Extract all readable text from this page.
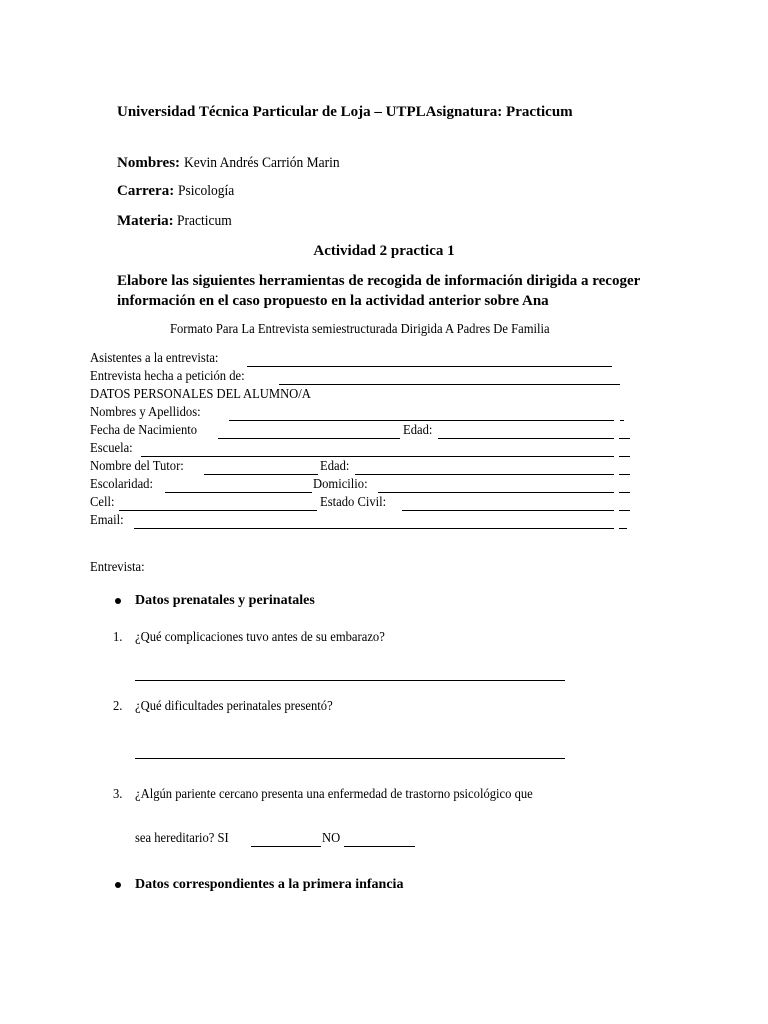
Universidad Técnica Particular de Loja – UTPLAsignatura: Practicum
Nombres: Kevin Andrés Carrión Marin
Carrera: Psicología
Materia: Practicum
Actividad 2 practica 1
Elabore las siguientes herramientas de recogida de información dirigida a recoger
información en el caso propuesto en la actividad anterior sobre Ana
Formato Para La Entrevista semiestructurada Dirigida A Padres De Familia
Asistentes a la entrevista:
Entrevista hecha a petición de:
DATOS PERSONALES DEL ALUMNO/A
Nombres y Apellidos:
Fecha de Nacimiento	Edad:
Escuela:
Nombre del Tutor:	Edad:
Escolaridad:	Domicilio:
Cell:	Estado Civil:
Email:
Entrevista:
Datos prenatales y perinatales
1. ¿Qué complicaciones tuvo antes de su embarazo?
2. ¿Qué dificultades perinatales presentó?
3. ¿Algún pariente cercano presenta una enfermedad de trastorno psicológico que
sea hereditario? SI	NO
Datos correspondientes a la primera infancia
